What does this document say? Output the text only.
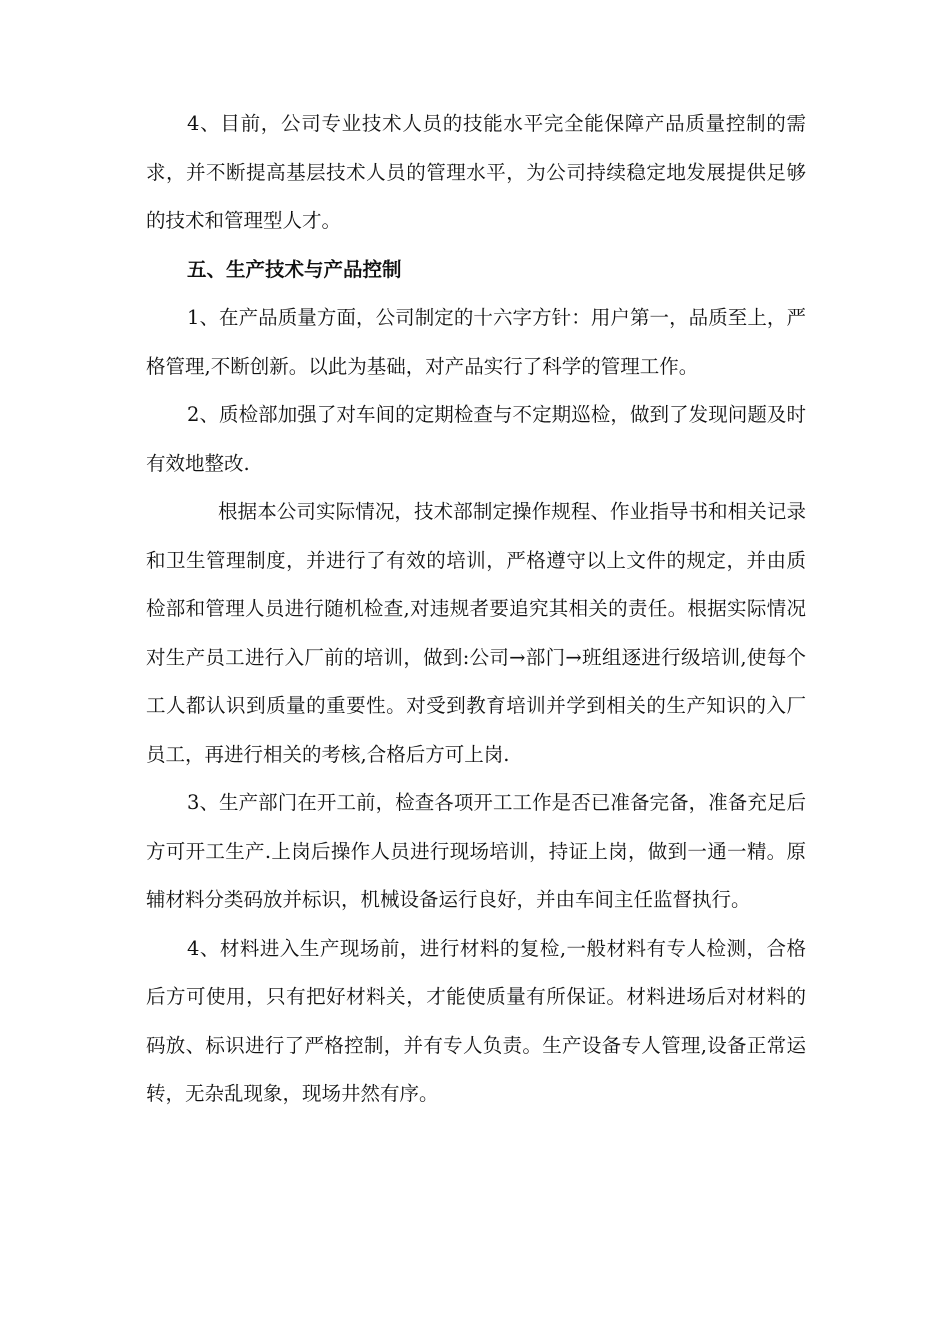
4、目前，公司专业技术人员的技能水平完全能保障产品质量控制的需求，并不断提高基层技术人员的管理水平，为公司持续稳定地发展提供足够的技术和管理型人才。

五、生产技术与产品控制

1、在产品质量方面，公司制定的十六字方针：用户第一，品质至上，严格管理,不断创新。以此为基础，对产品实行了科学的管理工作。

2、质检部加强了对车间的定期检查与不定期巡检，做到了发现问题及时有效地整改.

根据本公司实际情况，技术部制定操作规程、作业指导书和相关记录和卫生管理制度，并进行了有效的培训，严格遵守以上文件的规定，并由质检部和管理人员进行随机检查,对违规者要追究其相关的责任。根据实际情况对生产员工进行入厂前的培训，做到:公司→部门→班组逐进行级培训,使每个工人都认识到质量的重要性。对受到教育培训并学到相关的生产知识的入厂员工，再进行相关的考核,合格后方可上岗.

3、生产部门在开工前，检查各项开工工作是否已准备完备，准备充足后方可开工生产.上岗后操作人员进行现场培训，持证上岗，做到一通一精。原辅材料分类码放并标识，机械设备运行良好，并由车间主任监督执行。

4、材料进入生产现场前，进行材料的复检,一般材料有专人检测，合格后方可使用，只有把好材料关，才能使质量有所保证。材料进场后对材料的码放、标识进行了严格控制，并有专人负责。生产设备专人管理,设备正常运转，无杂乱现象，现场井然有序。
